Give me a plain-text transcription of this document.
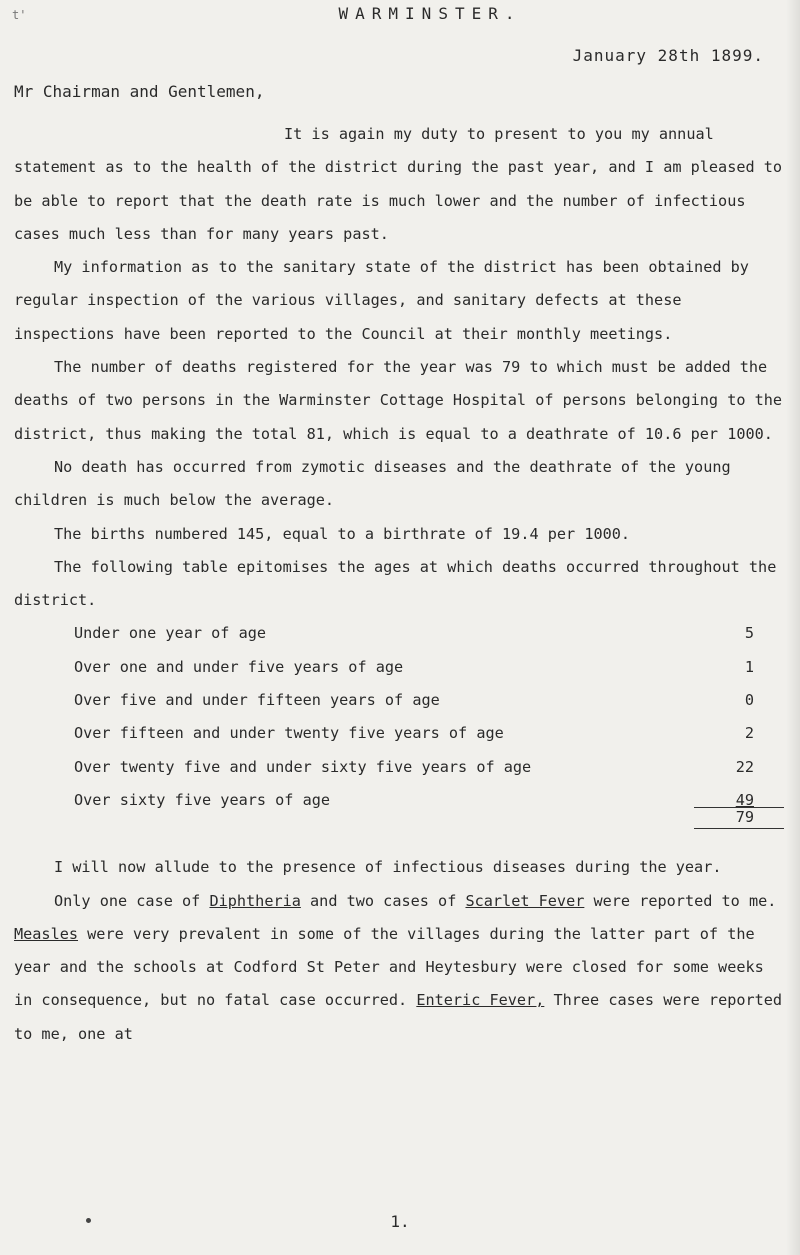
t'	WARMINSTER.
January 28th 1899.
Mr Chairman and Gentlemen,

It is again my duty to present to you my annual statement as to the health of the district during the past year, and I am pleased to be able to report that the death rate is much lower and the number of infectious cases much less than for many years past.

My information as to the sanitary state of the district has been obtained by regular inspection of the various villages, and sanitary defects at these inspections have been reported to the Council at their monthly meetings.

The number of deaths registered for the year was 79 to which must be added the deaths of two persons in the Warminster Cottage Hospital of persons belonging to the district, thus making the total 81, which is equal to a deathrate of 10.6 per 1000.

No death has occurred from zymotic diseases and the deathrate of the young children is much below the average.

The births numbered 145, equal to a birthrate of 19.4 per 1000.

The following table epitomises the ages at which deaths occurred throughout the district.

Under one year of age	5
Over one and under five years of age	1
Over five and under fifteen years of age	0
Over fifteen and under twenty five years of age	2
Over twenty five and under sixty five years of age	22
Over sixty five years of age	49
79

I will now allude to the presence of infectious diseases during the year.

Only one case of Diphtheria and two cases of Scarlet Fever were reported to me. Measles were very prevalent in some of the villages during the latter part of the year and the schools at Codford St Peter and Heytesbury were closed for some weeks in consequence, but no fatal case occurred. Enteric Fever, Three cases were reported to me, one at

1.
